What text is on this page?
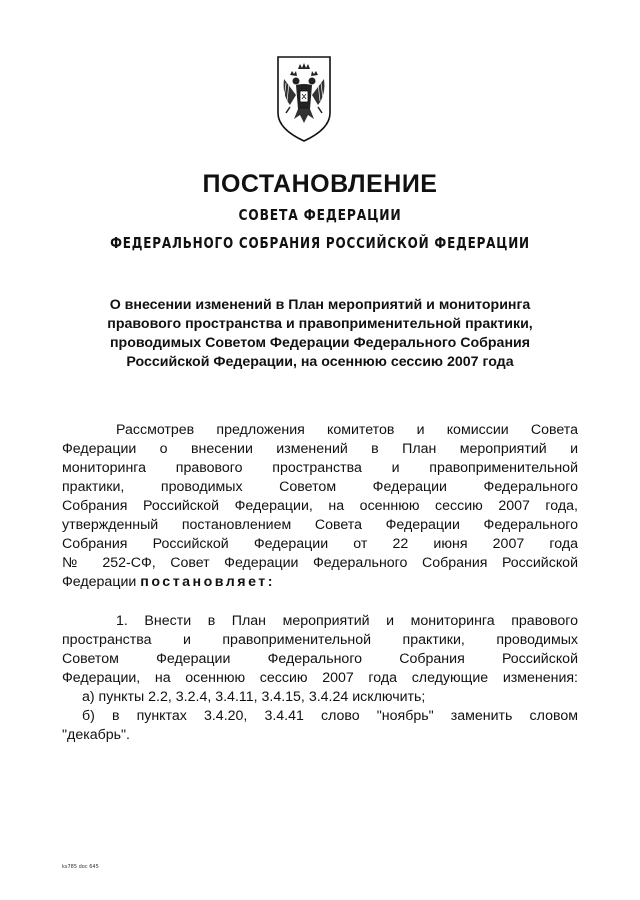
ПОСТАНОВЛЕНИЕ
СОВЕТА ФЕДЕРАЦИИ
ФЕДЕРАЛЬНОГО СОБРАНИЯ РОССИЙСКОЙ ФЕДЕРАЦИИ
О внесении изменений в План мероприятий и мониторинга
правового пространства и правоприменительной практики,
проводимых Советом Федерации Федерального Собрания
Российской Федерации, на осеннюю сессию 2007 года
Рассмотрев предложения комитетов и комиссии Совета
Федерации о внесении изменений в План мероприятий и
мониторинга правового пространства и правоприменительной
практики, проводимых Советом Федерации Федерального
Собрания Российской Федерации, на осеннюю сессию 2007 года,
утвержденный постановлением Совета Федерации Федерального
Собрания Российской Федерации от 22 июня 2007 года
№ 252-СФ, Совет Федерации Федерального Собрания Российской
Федерации постановляет:
1. Внести в План мероприятий и мониторинга правового
пространства и правоприменительной практики, проводимых
Советом Федерации Федерального Собрания Российской
Федерации, на осеннюю сессию 2007 года следующие изменения:
а) пункты 2.2, 3.2.4, 3.4.11, 3.4.15, 3.4.24 исключить;
б) в пунктах 3.4.20, 3.4.41 слово "ноябрь" заменить словом
"декабрь".
ks785 doc 645
